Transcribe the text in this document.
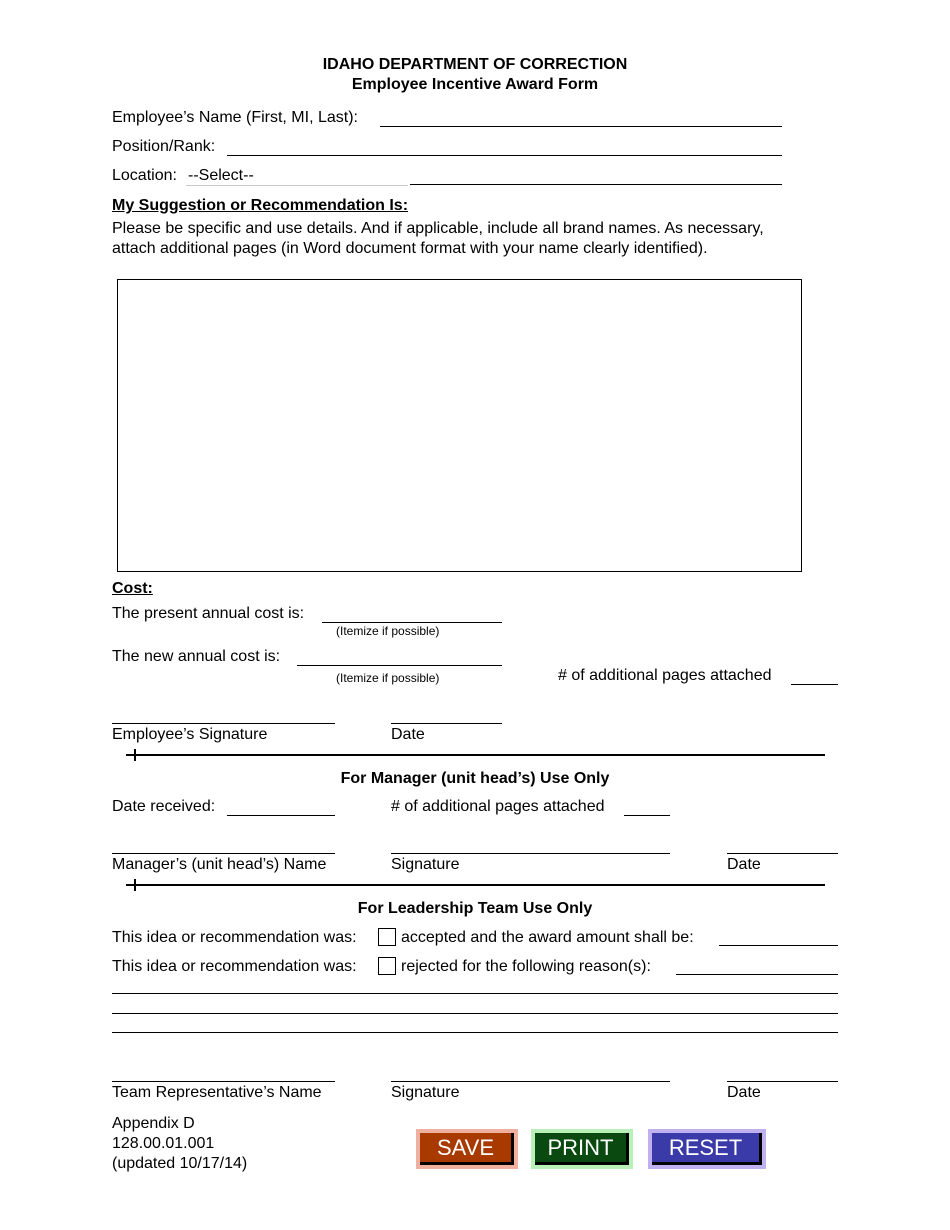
IDAHO DEPARTMENT OF CORRECTION
Employee Incentive Award Form
Employee’s Name (First, MI, Last):
Position/Rank:
Location: --Select--
My Suggestion or Recommendation Is:
Please be specific and use details. And if applicable, include all brand names. As necessary,
attach additional pages (in Word document format with your name clearly identified).
Cost:
The present annual cost is:
(Itemize if possible)
The new annual cost is:
(Itemize if possible)	# of additional pages attached
Employee’s Signature	Date
For Manager (unit head’s) Use Only
Date received:	# of additional pages attached
Manager’s (unit head’s) Name	Signature	Date
For Leadership Team Use Only
This idea or recommendation was:	accepted and the award amount shall be:
This idea or recommendation was:	rejected for the following reason(s):
Team Representative’s Name	Signature	Date
Appendix D
128.00.01.001
(updated 10/17/14)
SAVE	PRINT	RESET
